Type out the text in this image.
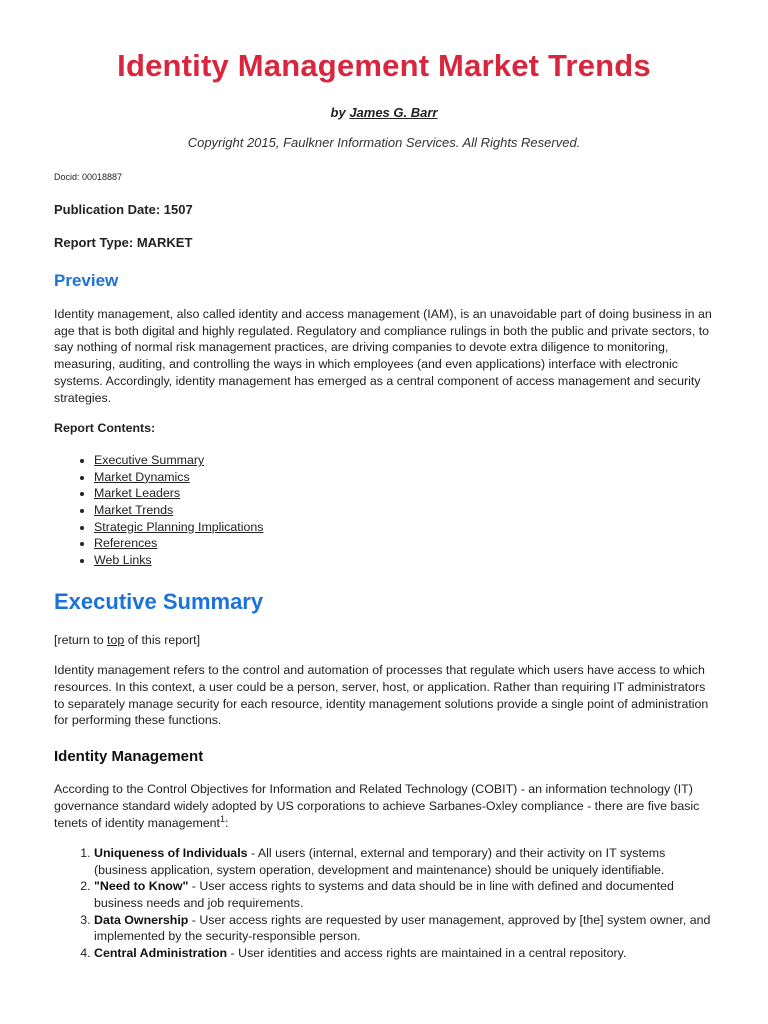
Identity Management Market Trends
by James G. Barr
Copyright 2015, Faulkner Information Services. All Rights Reserved.
Docid: 00018887
Publication Date: 1507
Report Type: MARKET
Preview

Identity management, also called identity and access management (IAM), is an unavoidable part of doing business in an age that is both digital and highly regulated. Regulatory and compliance rulings in both the public and private sectors, to say nothing of normal risk management practices, are driving companies to devote extra diligence to monitoring, measuring, auditing, and controlling the ways in which employees (and even applications) interface with electronic systems. Accordingly, identity management has emerged as a central component of access management and security strategies.

Report Contents:
• Executive Summary
• Market Dynamics
• Market Leaders
• Market Trends
• Strategic Planning Implications
• References
• Web Links
Executive Summary
[return to top of this report]

Identity management refers to the control and automation of processes that regulate which users have access to which resources. In this context, a user could be a person, server, host, or application. Rather than requiring IT administrators to separately manage security for each resource, identity management solutions provide a single point of administration for performing these functions.

Identity Management

According to the Control Objectives for Information and Related Technology (COBIT) - an information technology (IT) governance standard widely adopted by US corporations to achieve Sarbanes-Oxley compliance - there are five basic tenets of identity management$^1$:

1. Uniqueness of Individuals - All users (internal, external and temporary) and their activity on IT systems (business application, system operation, development and maintenance) should be uniquely identifiable.
2. "Need to Know" - User access rights to systems and data should be in line with defined and documented business needs and job requirements.
3. Data Ownership - User access rights are requested by user management, approved by [the] system owner, and implemented by the security-responsible person.
4. Central Administration - User identities and access rights are maintained in a central repository.
